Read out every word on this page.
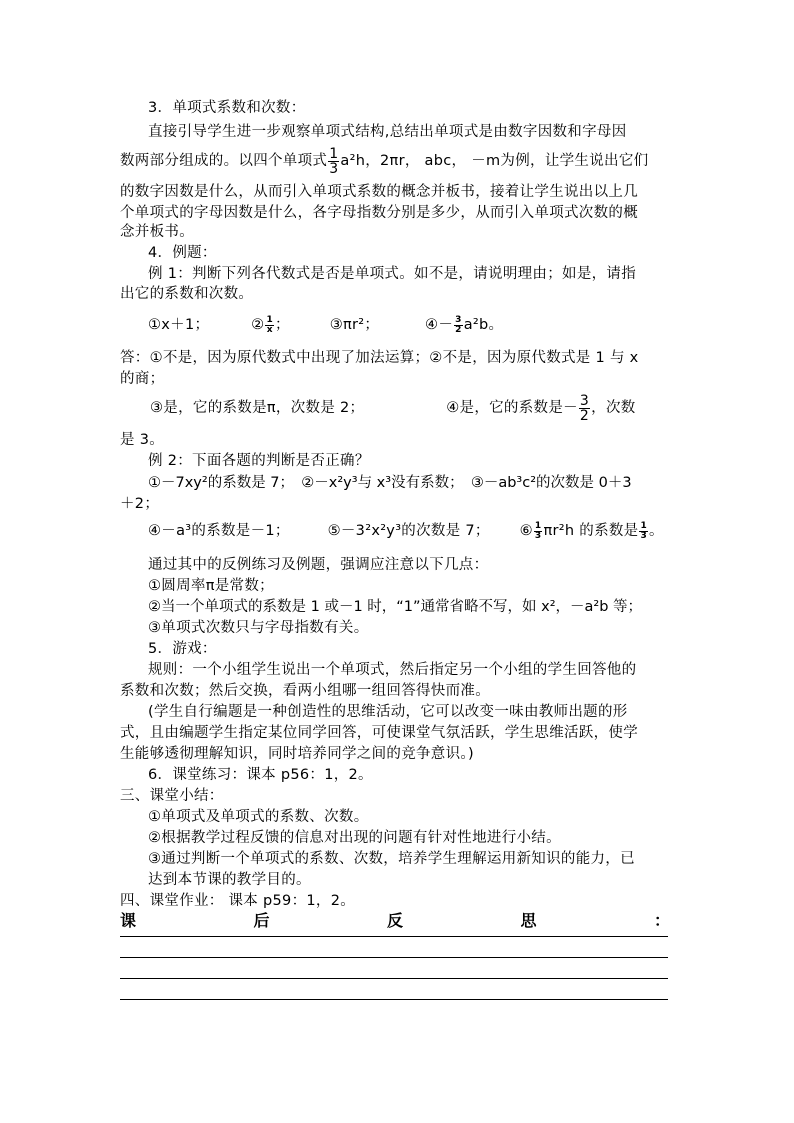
3．单项式系数和次数：
直接引导学生进一步观察单项式结构,总结出单项式是由数字因数和字母因
数两部分组成的。以四个单项式 $\frac{1}{3} a^2h$，2πr， abc， －m为例，让学生说出它们
的数字因数是什么，从而引入单项式系数的概念并板书，接着让学生说出以上几
个单项式的字母因数是什么，各字母指数分别是多少，从而引入单项式次数的概
念并板书。
4．例题：
例 1：判断下列各代数式是否是单项式。如不是，请说明理由；如是，请指
出它的系数和次数。
①x＋1；	② $\frac{1}{x}$ ；	③πr²；	④－ $\frac{3}{2} a^2b$。
答：①不是，因为原代数式中出现了加法运算；②不是，因为原代数式是 1 与 x
的商；
③是，它的系数是π，次数是 2；	④是，它的系数是－ $\frac{3}{2}$ ，次数
是 3。
例 2：下面各题的判断是否正确？
①－7xy²的系数是 7；　②－x²y³与 x³没有系数；　③－ab³c²的次数是 0＋3
＋2；
④－a³的系数是－1；	⑤－3²x²y³的次数是 7； ⑥ $\frac{1}{3} \pi r^2h$ 的系数是 $\frac{1}{3}$ 。
通过其中的反例练习及例题，强调应注意以下几点：
①圆周率π是常数；
②当一个单项式的系数是 1 或－1 时，“1”通常省略不写，如 x²，－a²b 等；
③单项式次数只与字母指数有关。
5．游戏：
规则：一个小组学生说出一个单项式，然后指定另一个小组的学生回答他的
系数和次数；然后交换，看两小组哪一组回答得快而准。
(学生自行编题是一种创造性的思维活动，它可以改变一味由教师出题的形
式，且由编题学生指定某位同学回答，可使课堂气氛活跃，学生思维活跃，使学
生能够透彻理解知识，同时培养同学之间的竞争意识。)
6．课堂练习：课本 p56：1，2。
三、课堂小结：
①单项式及单项式的系数、次数。
②根据教学过程反馈的信息对出现的问题有针对性地进行小结。
③通过判断一个单项式的系数、次数，培养学生理解运用新知识的能力，已
达到本节课的教学目的。
四、课堂作业： 课本 p59：1，2。
课	后	反	思	：
